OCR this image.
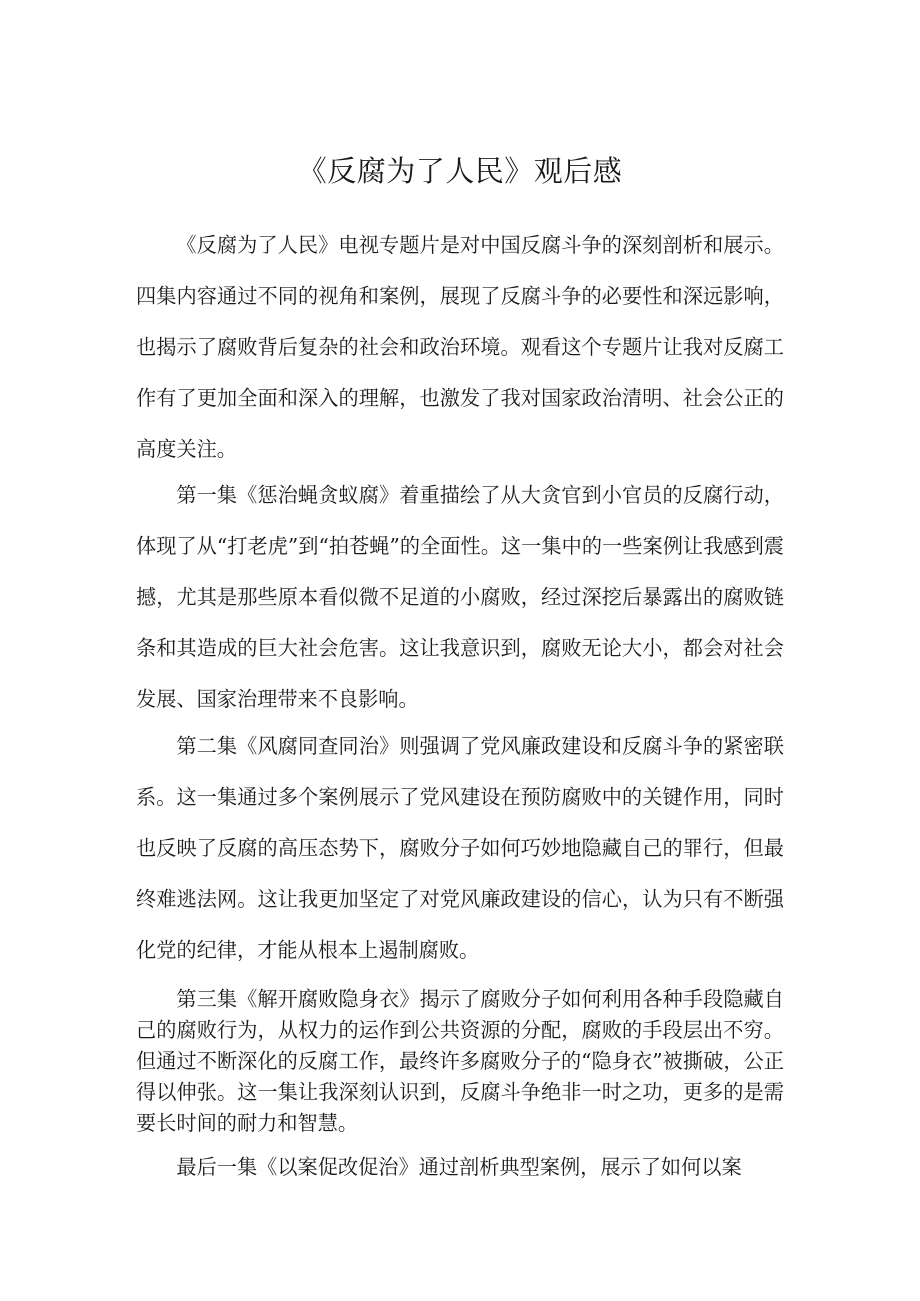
《反腐为了人民》观后感

《反腐为了人民》电视专题片是对中国反腐斗争的深刻剖析和展示。四集内容通过不同的视角和案例，展现了反腐斗争的必要性和深远影响，也揭示了腐败背后复杂的社会和政治环境。观看这个专题片让我对反腐工作有了更加全面和深入的理解，也激发了我对国家政治清明、社会公正的高度关注。

第一集《惩治蝇贪蚁腐》着重描绘了从大贪官到小官员的反腐行动，体现了从“打老虎”到“拍苍蝇”的全面性。这一集中的一些案例让我感到震撼，尤其是那些原本看似微不足道的小腐败，经过深挖后暴露出的腐败链条和其造成的巨大社会危害。这让我意识到，腐败无论大小，都会对社会发展、国家治理带来不良影响。

第二集《风腐同查同治》则强调了党风廉政建设和反腐斗争的紧密联系。这一集通过多个案例展示了党风建设在预防腐败中的关键作用，同时也反映了反腐的高压态势下，腐败分子如何巧妙地隐藏自己的罪行，但最终难逃法网。这让我更加坚定了对党风廉政建设的信心，认为只有不断强化党的纪律，才能从根本上遏制腐败。

第三集《解开腐败隐身衣》揭示了腐败分子如何利用各种手段隐藏自己的腐败行为，从权力的运作到公共资源的分配，腐败的手段层出不穷。但通过不断深化的反腐工作，最终许多腐败分子的“隐身衣”被撕破，公正得以伸张。这一集让我深刻认识到，反腐斗争绝非一时之功，更多的是需要长时间的耐力和智慧。

最后一集《以案促改促治》通过剖析典型案例，展示了如何以案
